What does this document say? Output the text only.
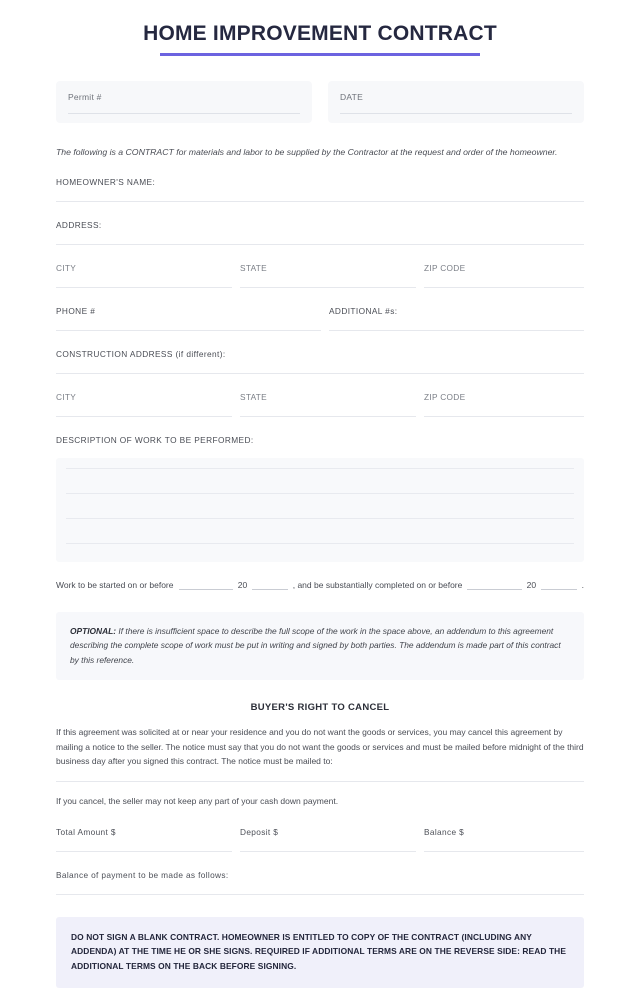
HOME IMPROVEMENT CONTRACT
Permit #	DATE
The following is a CONTRACT for materials and labor to be supplied by the Contractor at the request and order of the homeowner.
HOMEOWNER'S NAME:
ADDRESS:
CITY	STATE	ZIP CODE
PHONE #	ADDITIONAL #s:
CONSTRUCTION ADDRESS (if different):
CITY	STATE	ZIP CODE
DESCRIPTION OF WORK TO BE PERFORMED:
Work to be started on or before	20	, and be substantially completed on or before	20	.
OPTIONAL: If there is insufficient space to describe the full scope of the work in the space above, an addendum to this agreement describing the complete scope of work must be put in writing and signed by both parties. The addendum is made part of this contract by this reference.
BUYER'S RIGHT TO CANCEL
If this agreement was solicited at or near your residence and you do not want the goods or services, you may cancel this agreement by mailing a notice to the seller. The notice must say that you do not want the goods or services and must be mailed before midnight of the third business day after you signed this contract. The notice must be mailed to:
If you cancel, the seller may not keep any part of your cash down payment.
Total Amount $	Deposit $	Balance $
Balance of payment to be made as follows:
DO NOT SIGN A BLANK CONTRACT. HOMEOWNER IS ENTITLED TO COPY OF THE CONTRACT (INCLUDING ANY ADDENDA) AT THE TIME HE OR SHE SIGNS. REQUIRED IF ADDITIONAL TERMS ARE ON THE REVERSE SIDE: READ THE ADDITIONAL TERMS ON THE BACK BEFORE SIGNING.
